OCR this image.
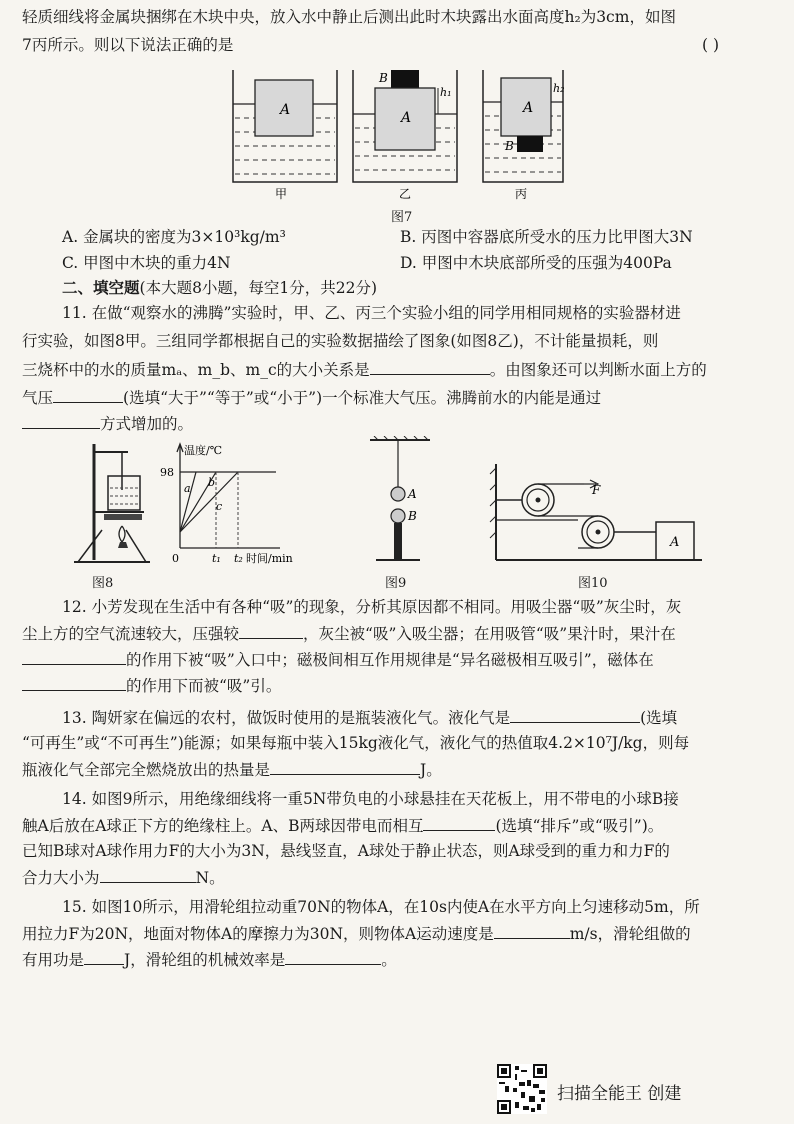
轻质细线将金属块捆绑在木块中央，放入水中静止后测出此时木块露出水面高度h₂为3cm，如图
7丙所示。则以下说法正确的是	( )
A
B
A
h₁
A
B
h₂
甲	乙	丙
图7
A. 金属块的密度为3×10³kg/m³	B. 丙图中容器底所受水的压力比甲图大3N
C. 甲图中木块的重力4N	D. 甲图中木块底部所受的压强为400Pa
二、填空题(本大题8小题，每空1分，共22分)
11. 在做“观察水的沸腾”实验时，甲、乙、丙三个实验小组的同学用相同规格的实验器材进
行实验，如图8甲。三组同学都根据自己的实验数据描绘了图象(如图8乙)，不计能量损耗，则
三烧杯中的水的质量mₐ、m_b、m_c的大小关系是	。由图象还可以判断水面上方的
气压	(选填“大于”“等于”或“小于”)一个标准大气压。沸腾前水的内能是通过
方式增加的。
图8
温度/℃
98
0	t₁ t₂ 时间/min
a b
c
A
B
图9
F
A
图10
12. 小芳发现在生活中有各种“吸”的现象，分析其原因都不相同。用吸尘器“吸”灰尘时，灰
尘上方的空气流速较大，压强较	，灰尘被“吸”入吸尘器；在用吸管“吸”果汁时，果汁在
的作用下被“吸”入口中；磁极间相互作用规律是“异名磁极相互吸引”，磁体在
的作用下而被“吸”引。
13. 陶妍家在偏远的农村，做饭时使用的是瓶装液化气。液化气是	(选填
“可再生”或“不可再生”)能源；如果每瓶中装入15kg液化气，液化气的热值取4.2×10⁷J/kg，则每
瓶液化气全部完全燃烧放出的热量是	J。
14. 如图9所示，用绝缘细线将一重5N带负电的小球悬挂在天花板上，用不带电的小球B接
触A后放在A球正下方的绝缘柱上。A、B两球因带电而相互	(选填“排斥”或“吸引”)。
已知B球对A球作用力F的大小为3N，悬线竖直，A球处于静止状态，则A球受到的重力和力F的
合力大小为	N。
15. 如图10所示，用滑轮组拉动重70N的物体A，在10s内使A在水平方向上匀速移动5m，所
用拉力F为20N，地面对物体A的摩擦力为30N，则物体A运动速度是	m/s，滑轮组做的
有用功是	J，滑轮组的机械效率是	。
扫描全能王 创建
